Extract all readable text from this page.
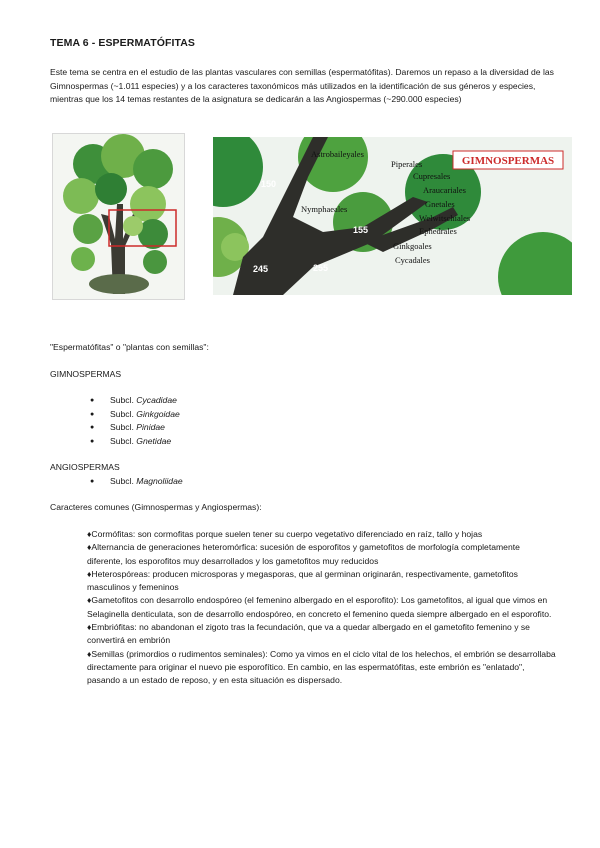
TEMA 6 - ESPERMATÓFITAS
Este tema se centra en el estudio de las plantas vasculares con semillas (espermatófitas). Daremos un repaso a la diversidad de las Gimnospermas (~1.011 especies) y a los caracteres taxonómicos más utilizados en la identificación de sus géneros y especies, mientras que los 14 temas restantes de la asignatura se dedicarán a las Angiospermas (~290.000 especies)
GIMNOSPERMAS
Astrobaileyales
Piperales
Cupresales
Araucariales
Gnetales
Welwitschiales
Ephedrales
Ginkgoales
Cycadales
Nymphaeales
150
155
245	255
"Espermatófitas" o "plantas con semillas":
GIMNOSPERMAS
● Subcl. Cycadidae
● Subcl. Ginkgoidae
● Subcl. Pinidae
● Subcl. Gnetidae
ANGIOSPERMAS
● Subcl. Magnoliidae
Caracteres comunes (Gimnospermas y Angiospermas):
♦ Cormófitas: son cormofitas porque suelen tener su cuerpo vegetativo diferenciado en raíz, tallo y hojas
♦ Alternancia de generaciones heteromórfica: sucesión de esporofitos y gametofitos de morfología completamente diferente, los esporofitos muy desarrollados y los gametofitos muy reducidos
♦ Heterospóreas: producen microsporas y megasporas, que al germinan originarán, respectivamente, gametofitos masculinos y femeninos
♦ Gametofitos con desarrollo endospóreo (el femenino albergado en el esporofito): Los gametofitos, al igual que vimos en Selaginella denticulata, son de desarrollo endospóreo, en concreto el femenino queda siempre albergado en el esporofito.
♦ Embriófitas: no abandonan el zigoto tras la fecundación, que va a quedar albergado en el gametofito femenino y se convertirá en embrión
♦ Semillas (primordios o rudimentos seminales): Como ya vimos en el ciclo vital de los helechos, el embrión se desarrollaba directamente para originar el nuevo pie esporofítico. En cambio, en las espermatófitas, este embrión es "enlatado", pasando a un estado de reposo, y en esta situación es dispersado.
